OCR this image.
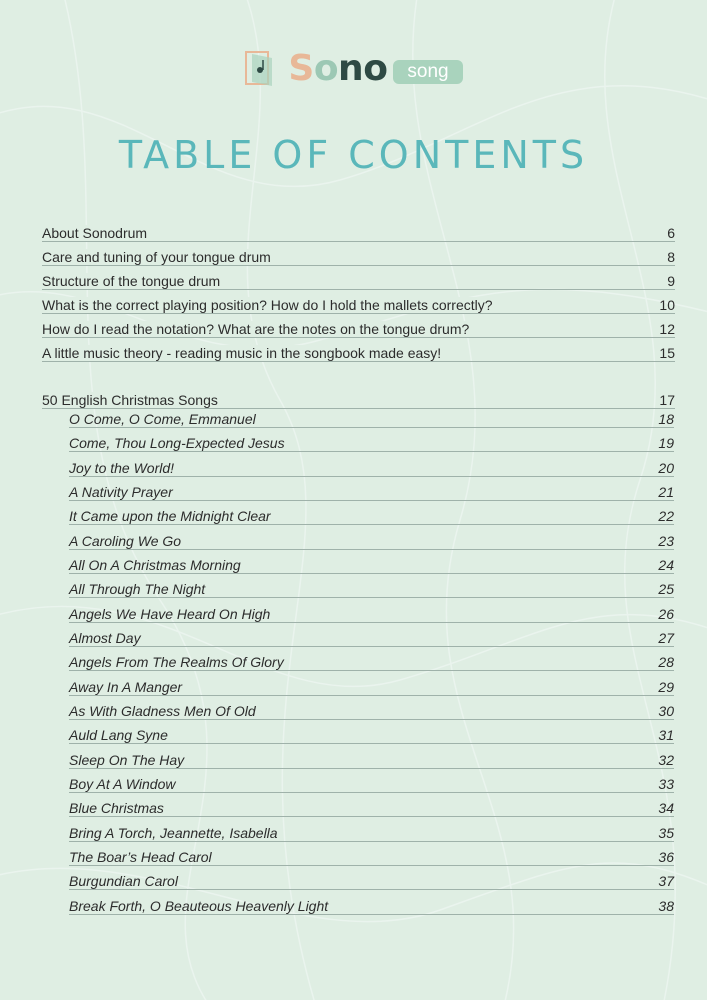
Sono	song
TABLE OF CONTENTS
About Sonodrum	6
Care and tuning of your tongue drum	8
Structure of the tongue drum	9
What is the correct playing position? How do I hold the mallets correctly?	10
How do I read the notation? What are the notes on the tongue drum?	12
A little music theory - reading music in the songbook made easy!	15
50 English Christmas Songs	17
O Come, O Come, Emmanuel	18
Come, Thou Long-Expected Jesus	19
Joy to the World!	20
A Nativity Prayer	21
It Came upon the Midnight Clear	22
A Caroling We Go	23
All On A Christmas Morning	24
All Through The Night	25
Angels We Have Heard On High	26
Almost Day	27
Angels From The Realms Of Glory	28
Away In A Manger	29
As With Gladness Men Of Old	30
Auld Lang Syne	31
Sleep On The Hay	32
Boy At A Window	33
Blue Christmas	34
Bring A Torch, Jeannette, Isabella	35
The Boar’s Head Carol	36
Burgundian Carol	37
Break Forth, O Beauteous Heavenly Light	38
